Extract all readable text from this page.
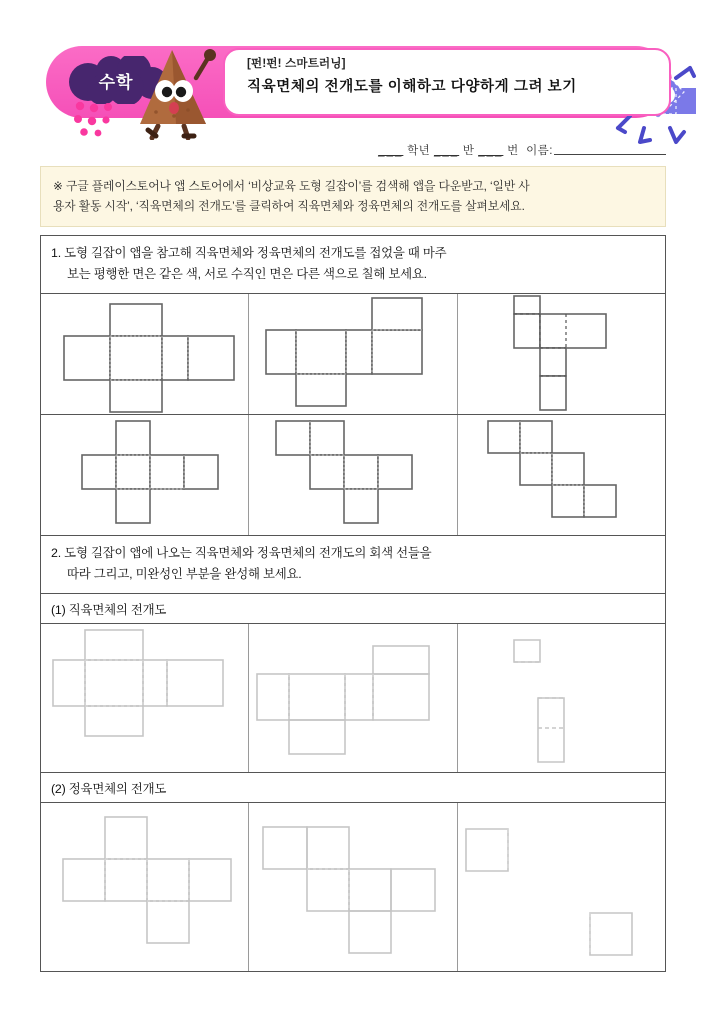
수학
[펀!펀! 스마트러닝]
직육면체의 전개도를 이해하고 다양하게 그려 보기
___ 학년 ___ 반 ___ 번 이름:
※ 구글 플레이스토어나 앱 스토어에서 ‘비상교육 도형 길잡이’를 검색해 앱을 다운받고, ‘일반 사
용자 활동 시작’, ‘직육면체의 전개도’를 클릭하여 직육면체와 정육면체의 전개도를 살펴보세요.
1. 도형 길잡이 앱을 참고해 직육면체와 정육면체의 전개도를 접었을 때 마주
보는 평행한 면은 같은 색, 서로 수직인 면은 다른 색으로 칠해 보세요.
2. 도형 길잡이 앱에 나오는 직육면체와 정육면체의 전개도의 회색 선들을
따라 그리고, 미완성인 부분을 완성해 보세요.
(1) 직육면체의 전개도
(2) 정육면체의 전개도
